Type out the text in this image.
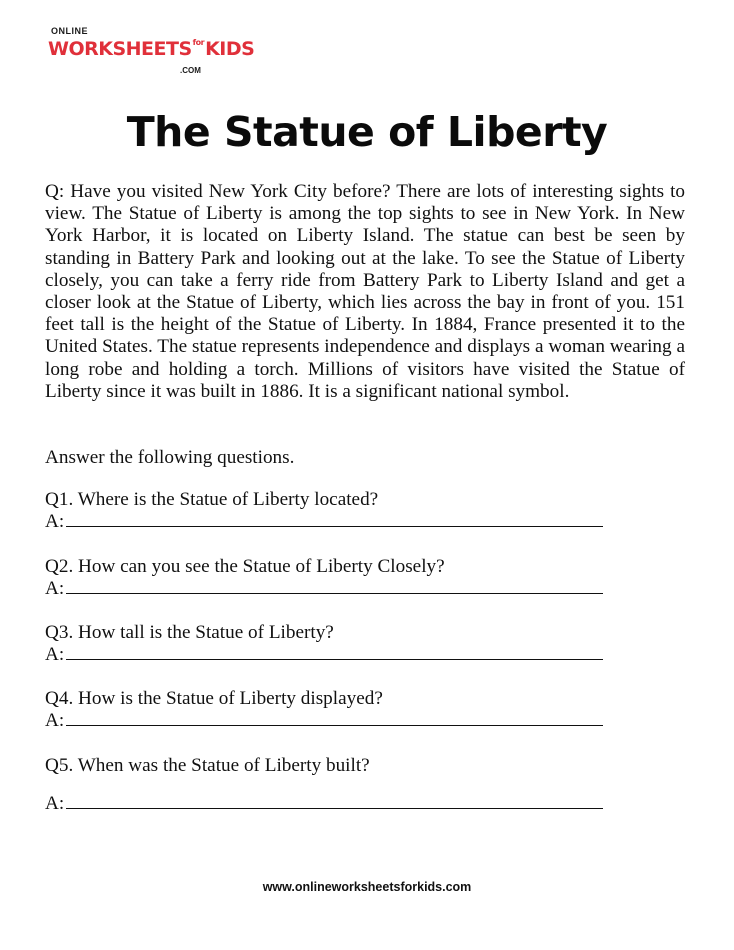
ONLINE
$WORKSHEETS^{for}KIDS$
.COM
The Statue of Liberty

Q: Have you visited New York City before? There are lots of interesting sights to view. The Statue of Liberty is among the top sights to see in New York. In New York Harbor, it is located on Liberty Island. The statue can best be seen by standing in Battery Park and looking out at the lake. To see the Statue of Liberty closely, you can take a ferry ride from Battery Park to Liberty Island and get a closer look at the Statue of Liberty, which lies across the bay in front of you. 151 feet tall is the height of the Statue of Liberty. In 1884, France presented it to the United States. The statue represents independence and displays a woman wearing a long robe and holding a torch. Millions of visitors have visited the Statue of Liberty since it was built in 1886. It is a significant national symbol.

Answer the following questions.

Q1. Where is the Statue of Liberty located?
A:
Q2. How can you see the Statue of Liberty Closely?
A:
Q3. How tall is the Statue of Liberty?
A:
Q4. How is the Statue of Liberty displayed?
A:
Q5. When was the Statue of Liberty built?
A:
www.onlineworksheetsforkids.com
